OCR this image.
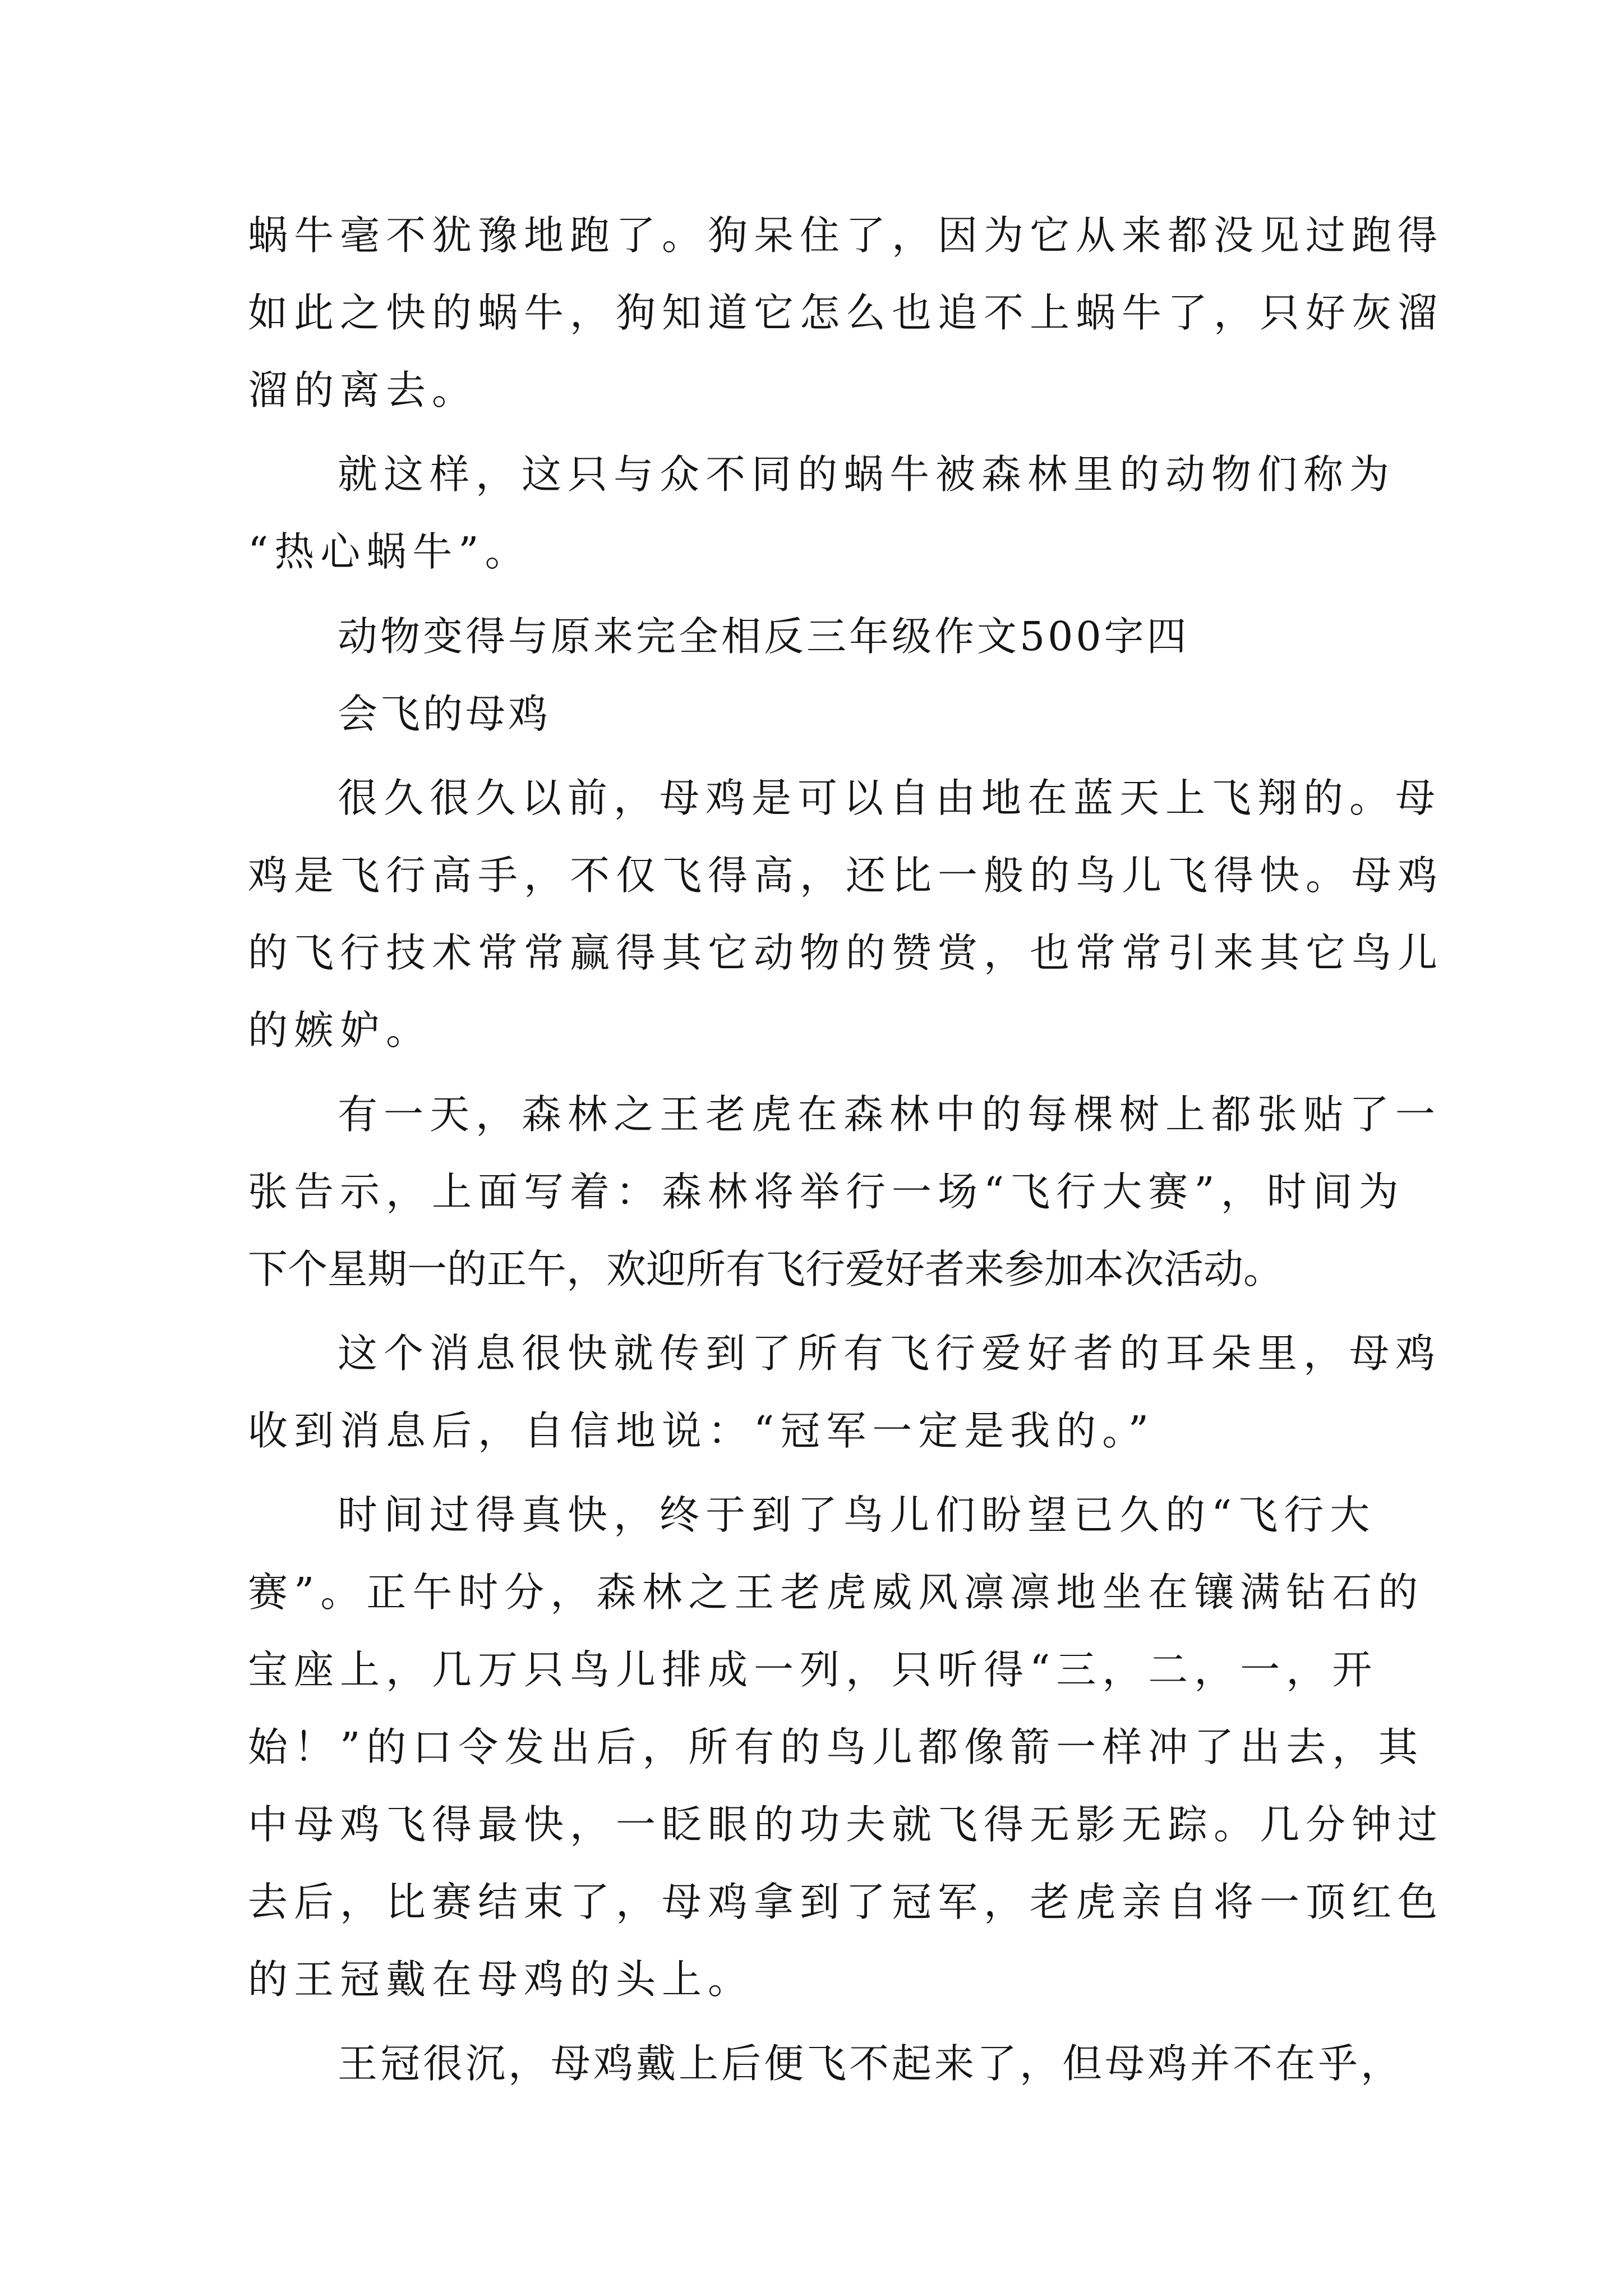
蜗牛毫不犹豫地跑了。狗呆住了，因为它从来都没见过跑得
如此之快的蜗牛，狗知道它怎么也追不上蜗牛了，只好灰溜
溜的离去。
就这样，这只与众不同的蜗牛被森林里的动物们称为
“热心蜗牛”。
动物变得与原来完全相反三年级作文500字四
会飞的母鸡
很久很久以前，母鸡是可以自由地在蓝天上飞翔的。母
鸡是飞行高手，不仅飞得高，还比一般的鸟儿飞得快。母鸡
的飞行技术常常赢得其它动物的赞赏，也常常引来其它鸟儿
的嫉妒。
有一天，森林之王老虎在森林中的每棵树上都张贴了一
张告示，上面写着：森林将举行一场“飞行大赛”，时间为
下个星期一的正午，欢迎所有飞行爱好者来参加本次活动。
这个消息很快就传到了所有飞行爱好者的耳朵里，母鸡
收到消息后，自信地说：“冠军一定是我的。”
时间过得真快，终于到了鸟儿们盼望已久的“飞行大
赛”。正午时分，森林之王老虎威风凛凛地坐在镶满钻石的
宝座上，几万只鸟儿排成一列，只听得“三，二，一，开
始！”的口令发出后，所有的鸟儿都像箭一样冲了出去，其
中母鸡飞得最快，一眨眼的功夫就飞得无影无踪。几分钟过
去后，比赛结束了，母鸡拿到了冠军，老虎亲自将一顶红色
的王冠戴在母鸡的头上。
王冠很沉，母鸡戴上后便飞不起来了，但母鸡并不在乎，
